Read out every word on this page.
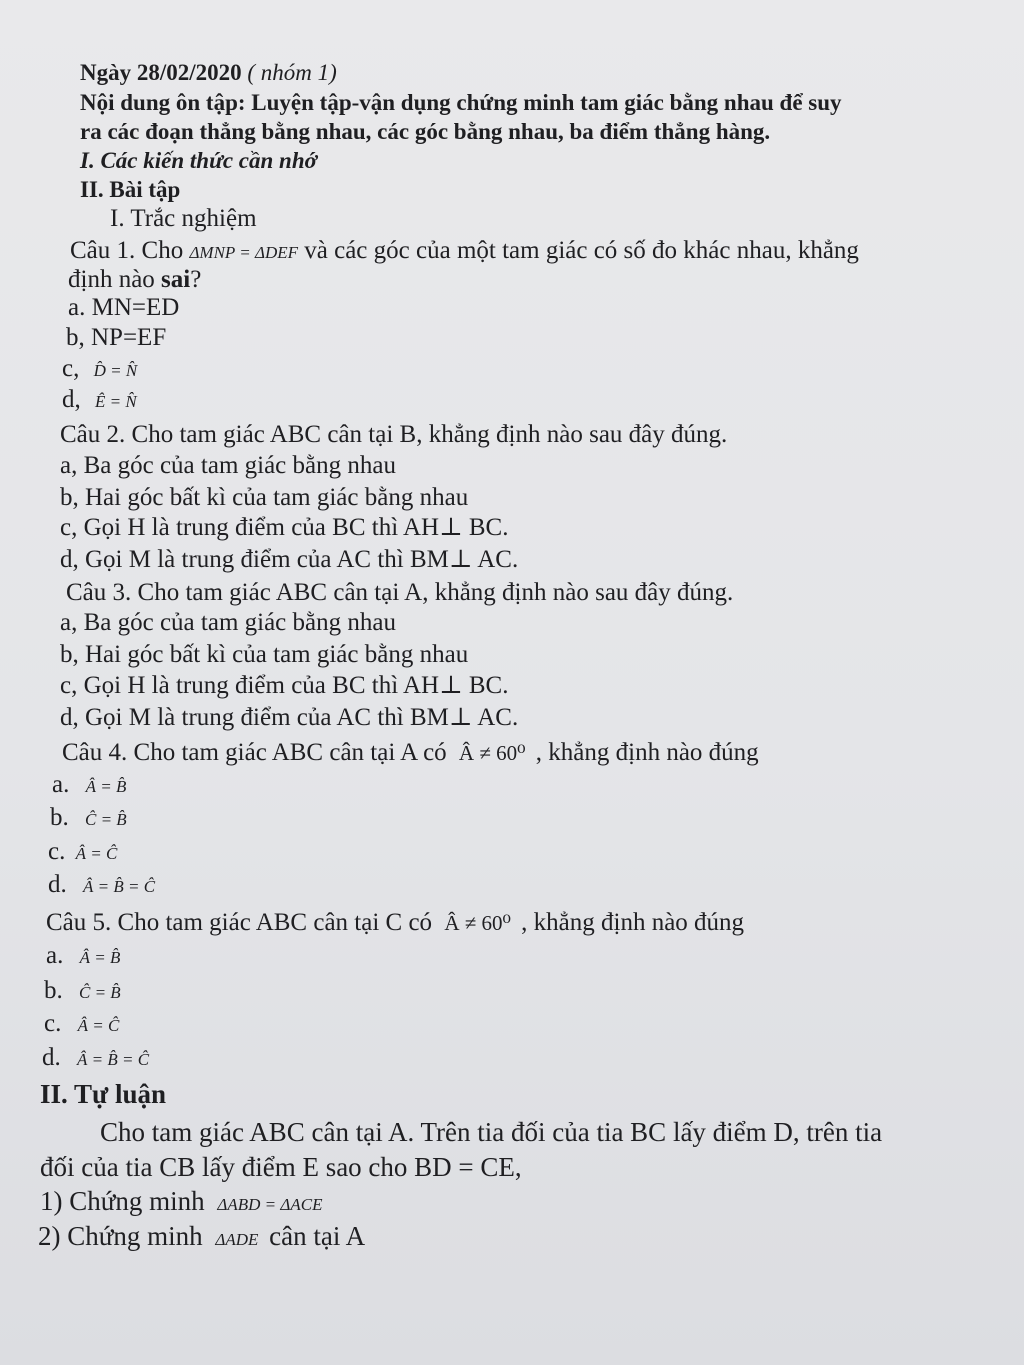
Ngày 28/02/2020 ( nhóm 1)
Nội dung ôn tập: Luyện tập-vận dụng chứng minh tam giác bằng nhau để suy
ra các đoạn thẳng bằng nhau, các góc bằng nhau, ba điểm thẳng hàng.
I. Các kiến thức cần nhớ
II. Bài tập
I. Trắc nghiệm
Câu 1. Cho ΔMNP = ΔDEF và các góc của một tam giác có số đo khác nhau, khẳng
định nào sai?
a. MN=ED
b, NP=EF
c, D̂ = N̂
d, Ê = N̂
Câu 2. Cho tam giác ABC cân tại B, khẳng định nào sau đây đúng.
a, Ba góc của tam giác bằng nhau
b, Hai góc bất kì của tam giác bằng nhau
c, Gọi H là trung điểm của BC thì AH⊥ BC.
d, Gọi M là trung điểm của AC thì BM⊥ AC.
Câu 3. Cho tam giác ABC cân tại A, khẳng định nào sau đây đúng.
a, Ba góc của tam giác bằng nhau
b, Hai góc bất kì của tam giác bằng nhau
c, Gọi H là trung điểm của BC thì AH⊥ BC.
d, Gọi M là trung điểm của AC thì BM⊥ AC.
Câu 4. Cho tam giác ABC cân tại A có Â ≠ 60⁰ , khẳng định nào đúng
a. Â = B̂
b. Ĉ = B̂
c. Â = Ĉ
d. Â = B̂ = Ĉ
Câu 5. Cho tam giác ABC cân tại C có Â ≠ 60⁰ , khẳng định nào đúng
a. Â = B̂
b. Ĉ = B̂
c. Â = Ĉ
d. Â = B̂ = Ĉ
II. Tự luận
Cho tam giác ABC cân tại A. Trên tia đối của tia BC lấy điểm D, trên tia
đối của tia CB lấy điểm E sao cho BD = CE,
1) Chứng minh ΔABD = ΔACE
2) Chứng minh ΔADE cân tại A
